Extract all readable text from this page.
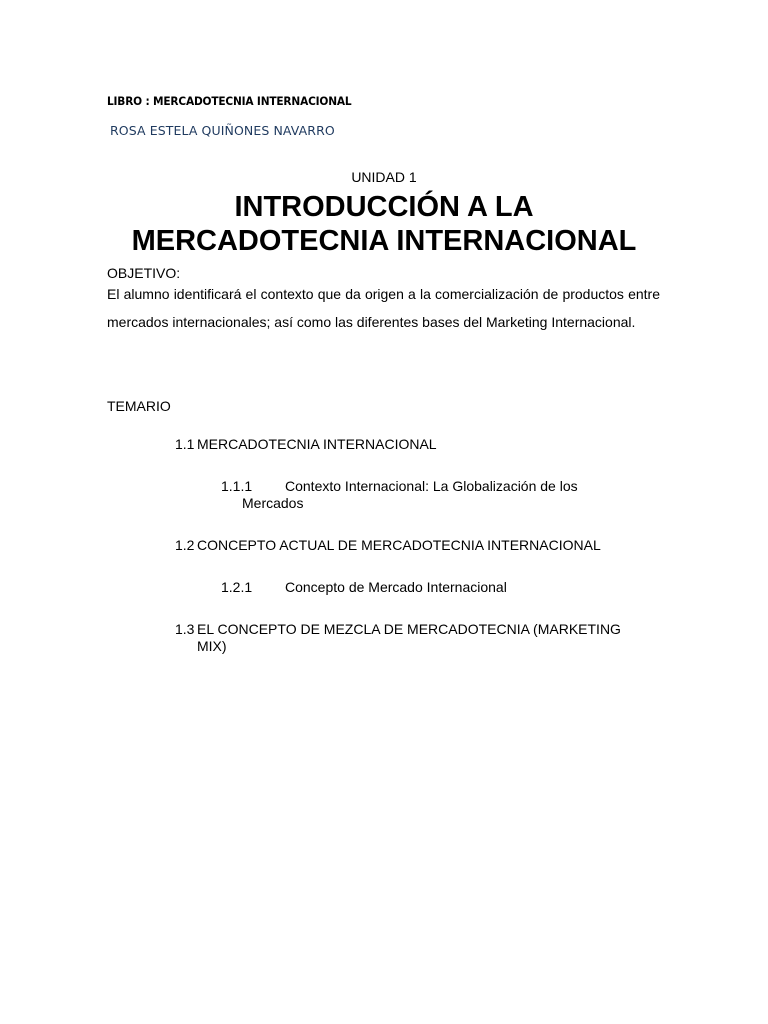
LIBRO : MERCADOTECNIA INTERNACIONAL
ROSA ESTELA QUIÑONES NAVARRO
UNIDAD 1
INTRODUCCIÓN A LA
MERCADOTECNIA INTERNACIONAL
OBJETIVO:
El alumno identificará el contexto que da origen a la comercialización de productos entre mercados internacionales; así como las diferentes bases del Marketing Internacional.
TEMARIO
1.1 MERCADOTECNIA INTERNACIONAL
1.1.1 Contexto Internacional: La Globalización de los
Mercados
1.2 CONCEPTO ACTUAL DE MERCADOTECNIA INTERNACIONAL
1.2.1 Concepto de Mercado Internacional
1.3 EL CONCEPTO DE MEZCLA DE MERCADOTECNIA (MARKETING
MIX)
